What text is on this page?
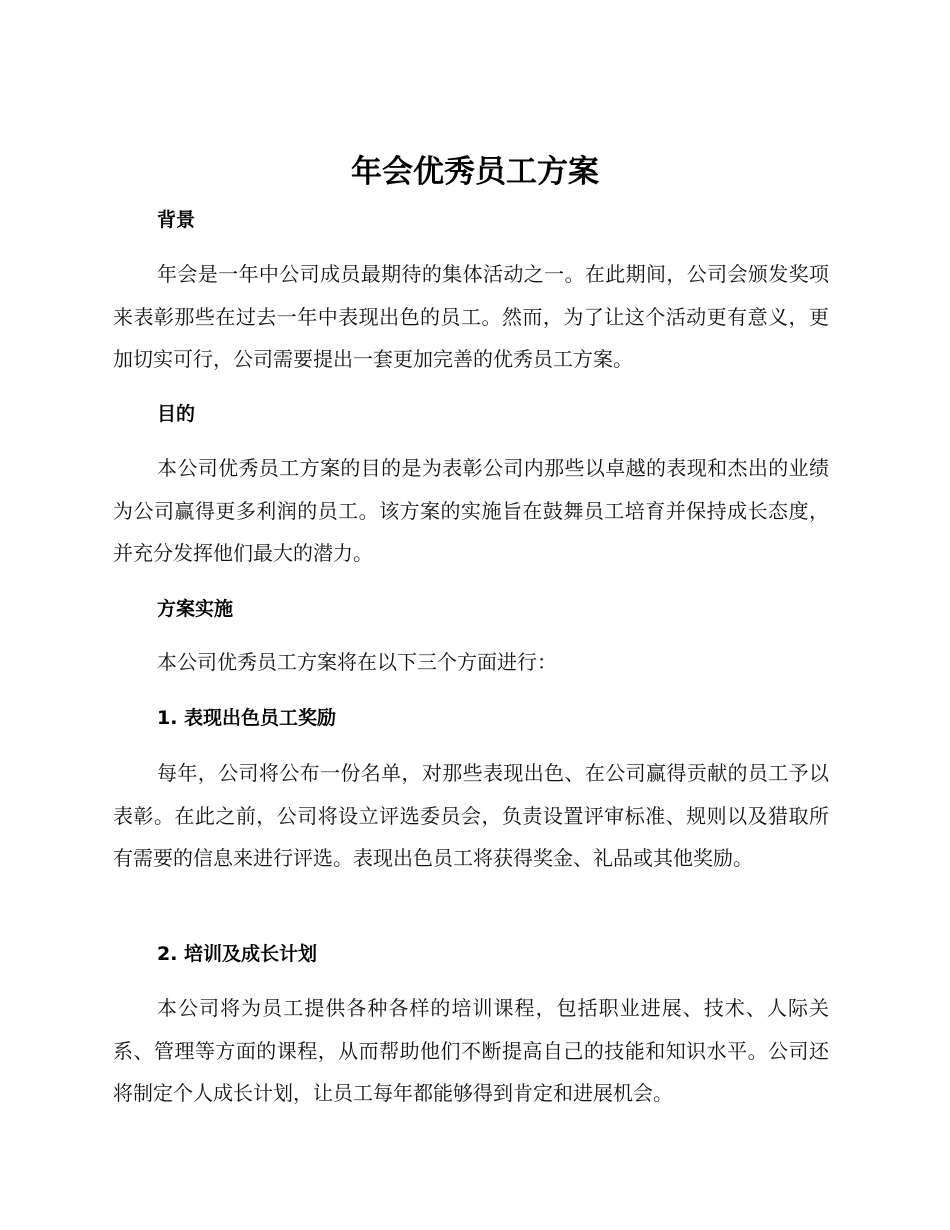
年会优秀员工方案
背景

年会是一年中公司成员最期待的集体活动之一。在此期间，公司会颁发奖项来表彰那些在过去一年中表现出色的员工。然而，为了让这个活动更有意义，更加切实可行，公司需要提出一套更加完善的优秀员工方案。

目的

本公司优秀员工方案的目的是为表彰公司内那些以卓越的表现和杰出的业绩为公司赢得更多利润的员工。该方案的实施旨在鼓舞员工培育并保持成长态度，并充分发挥他们最大的潜力。

方案实施

本公司优秀员工方案将在以下三个方面进行：

1. 表现出色员工奖励

每年，公司将公布一份名单，对那些表现出色、在公司赢得贡献的员工予以表彰。在此之前，公司将设立评选委员会，负责设置评审标准、规则以及猎取所有需要的信息来进行评选。表现出色员工将获得奖金、礼品或其他奖励。

2. 培训及成长计划

本公司将为员工提供各种各样的培训课程，包括职业进展、技术、人际关系、管理等方面的课程，从而帮助他们不断提高自己的技能和知识水平。公司还将制定个人成长计划，让员工每年都能够得到肯定和进展机会。
